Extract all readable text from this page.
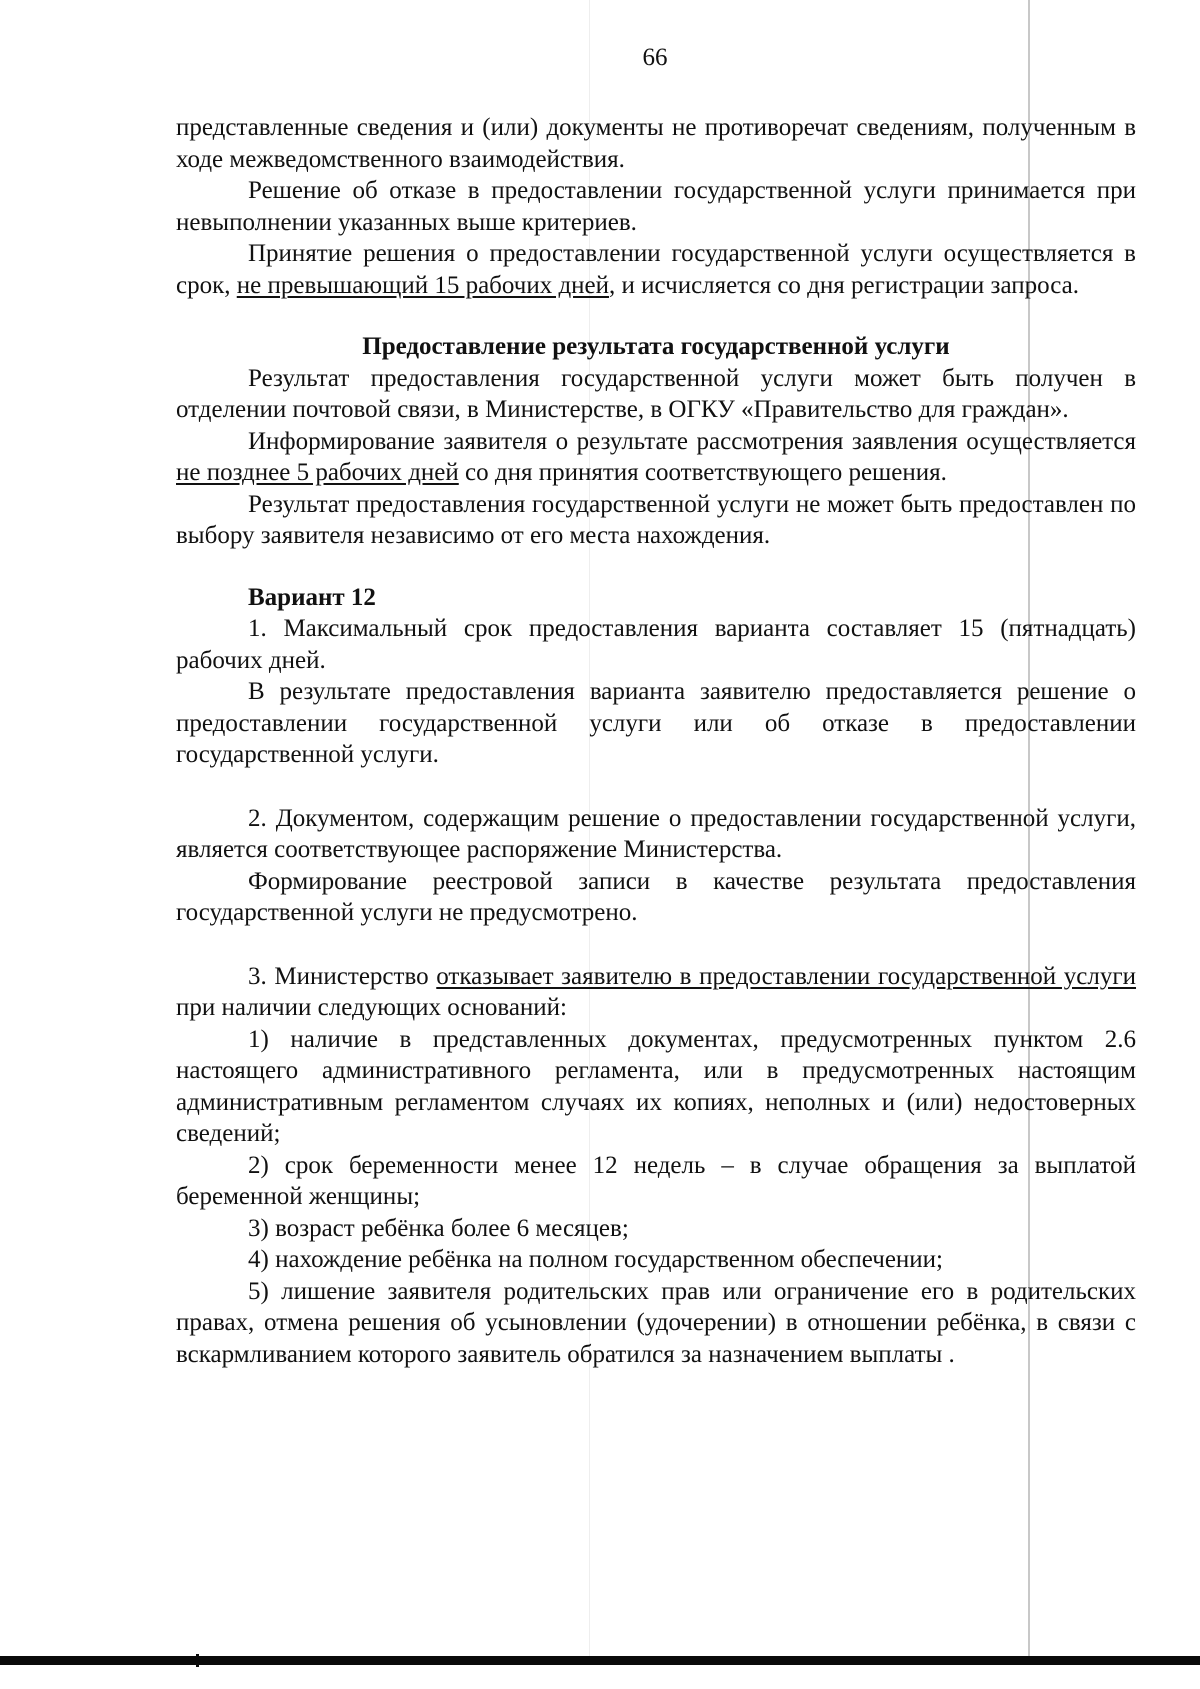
66

представленные сведения и (или) документы не противоречат сведениям, полученным в ходе межведомственного взаимодействия.

Решение об отказе в предоставлении государственной услуги принимается при невыполнении указанных выше критериев.

Принятие решения о предоставлении государственной услуги осуществляется в срок, не превышающий 15 рабочих дней, и исчисляется со дня регистрации запроса.

Предоставление результата государственной услуги

Результат предоставления государственной услуги может быть получен в отделении почтовой связи, в Министерстве, в ОГКУ «Правительство для граждан».

Информирование заявителя о результате рассмотрения заявления осуществляется не позднее 5 рабочих дней со дня принятия соответствующего решения.

Результат предоставления государственной услуги не может быть предоставлен по выбору заявителя независимо от его места нахождения.

Вариант 12

1. Максимальный срок предоставления варианта составляет 15 (пятнадцать) рабочих дней.

В результате предоставления варианта заявителю предоставляется решение о предоставлении государственной услуги или об отказе в предоставлении государственной услуги.

2. Документом, содержащим решение о предоставлении государственной услуги, является соответствующее распоряжение Министерства.

Формирование реестровой записи в качестве результата предоставления государственной услуги не предусмотрено.

3. Министерство отказывает заявителю в предоставлении государственной услуги при наличии следующих оснований:

1) наличие в представленных документах, предусмотренных пунктом 2.6 настоящего административного регламента, или в предусмотренных настоящим административным регламентом случаях их копиях, неполных и (или) недостоверных сведений;

2) срок беременности менее 12 недель – в случае обращения за выплатой беременной женщины;

3) возраст ребёнка более 6 месяцев;

4) нахождение ребёнка на полном государственном обеспечении;

5) лишение заявителя родительских прав или ограничение его в родительских правах, отмена решения об усыновлении (удочерении) в отношении ребёнка, в связи с вскармливанием которого заявитель обратился за назначением выплаты .
